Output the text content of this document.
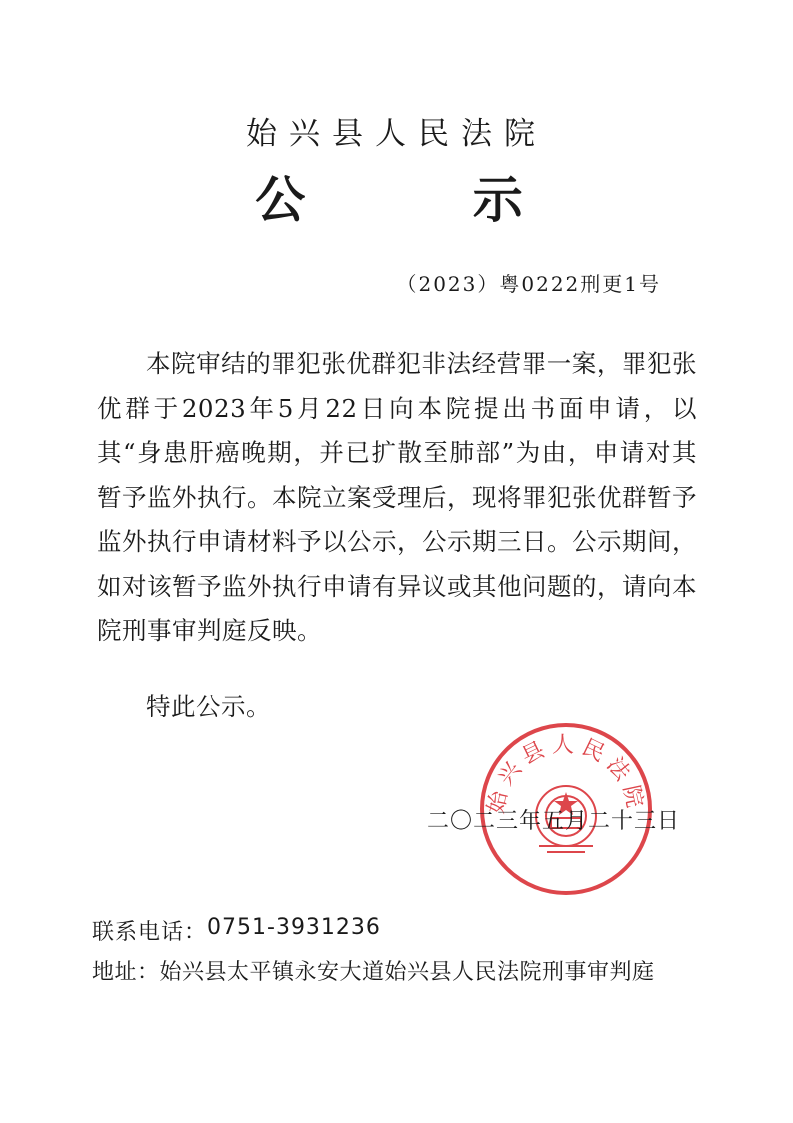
始兴县人民法院
公 示
（2023）粤0222刑更1号

本院审结的罪犯张优群犯非法经营罪一案，罪犯张优群于2023年5月22日向本院提出书面申请，以其“身患肝癌晚期，并已扩散至肺部”为由，申请对其暂予监外执行。本院立案受理后，现将罪犯张优群暂予监外执行申请材料予以公示，公示期三日。公示期间，如对该暂予监外执行申请有异议或其他问题的，请向本院刑事审判庭反映。

特此公示。
始兴县人民法院
二〇二三年五月二十三日
联系电话： 0751-3931236
地址： 始兴县太平镇永安大道始兴县人民法院刑事审判庭
